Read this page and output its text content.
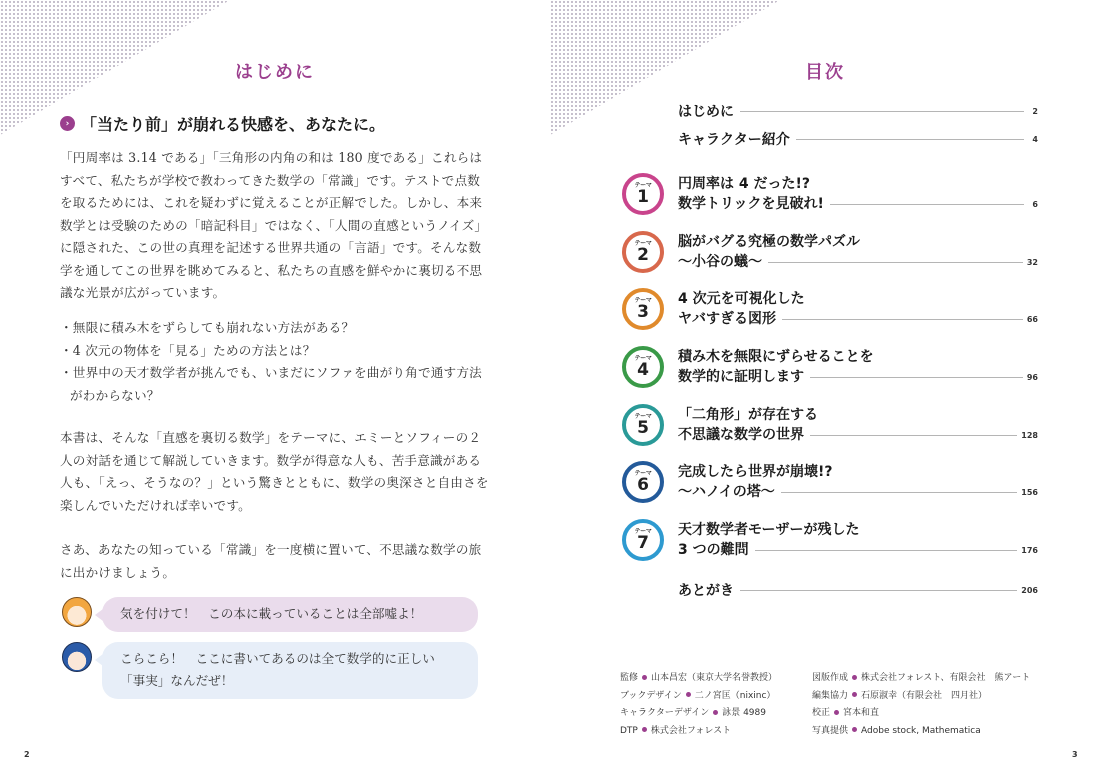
はじめに
› 「当たり前」が崩れる快感を、あなたに。
「円周率は 3.14 である」「三角形の内角の和は 180 度である」これらはすべて、私たちが学校で教わってきた数学の「常識」です。テストで点数を取るためには、これを疑わずに覚えることが正解でした。しかし、本来数学とは受験のための「暗記科目」ではなく、「人間の直感というノイズ」に隠された、この世の真理を記述する世界共通の「言語」です。そんな数学を通してこの世界を眺めてみると、私たちの直感を鮮やかに裏切る不思議な光景が広がっています。
・無限に積み木をずらしても崩れない方法がある？
・4 次元の物体を「見る」ための方法とは？
・世界中の天才数学者が挑んでも、いまだにソファを曲がり角で通す方法がわからない？
本書は、そんな「直感を裏切る数学」をテーマに、エミーとソフィーの２人の対話を通じて解説していきます。数学が得意な人も、苦手意識がある人も、「えっ、そうなの？」という驚きとともに、数学の奥深さと自由さを楽しんでいただければ幸いです。
さあ、あなたの知っている「常識」を一度横に置いて、不思議な数学の旅に出かけましょう。
気を付けて！　この本に載っていることは全部嘘よ！
こらこら！　ここに書いてあるのは全て数学的に正しい「事実」なんだぜ！
2
目次
はじめに	2
キャラクター紹介	4
テーマ
1
円周率は 4 だった!?
数学トリックを見破れ!	6
テーマ
2
脳がバグる究極の数学パズル
〜小谷の蟻〜	32
テーマ
3
4 次元を可視化した
ヤバすぎる図形	66
テーマ
4
積み木を無限にずらせることを
数学的に証明します	96
テーマ
5
「二角形」が存在する
不思議な数学の世界	128
テーマ
6
完成したら世界が崩壊!?
〜ハノイの塔〜	156
テーマ
7
天才数学者モーザーが残した
3 つの難問	176
あとがき	206
監修 山本昌宏（東京大学名誉教授）
ブックデザイン 二ノ宮匡（nixinc）
キャラクターデザイン 詠景 4989
DTP 株式会社フォレスト
図版作成 株式会社フォレスト、有限会社　熊アート
編集協力 石原淑幸（有限会社　四月社）
校正 宮本和直
写真提供 Adobe stock, Mathematica
3
